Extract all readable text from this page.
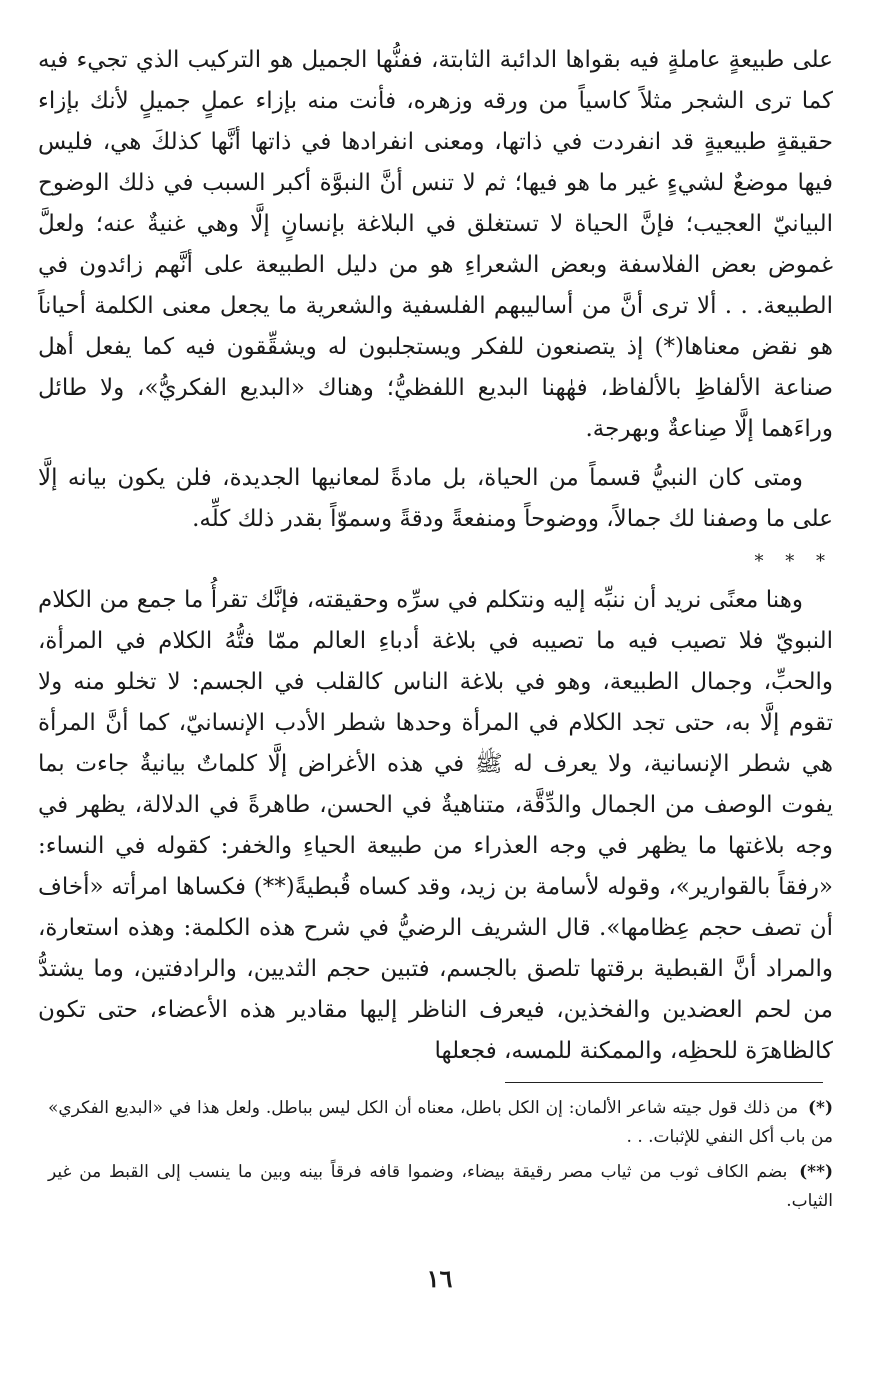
على طبيعةٍ عاملةٍ فيه بقواها الدائبة الثابتة، ففنُّها الجميل هو التركيب الذي تجيء فيه كما ترى الشجر مثلاً كاسياً من ورقه وزهره، فأنت منه بإزاء عملٍ جميلٍ لأنك بإزاء حقيقةٍ طبيعيةٍ قد انفردت في ذاتها، ومعنى انفرادها في ذاتها أنَّها كذلكَ هي، فليس فيها موضعٌ لشيءٍ غير ما هو فيها؛ ثم لا تنس أنَّ النبوَّة أكبر السبب في ذلك الوضوح البيانيّ العجيب؛ فإنَّ الحياة لا تستغلق في البلاغة بإنسانٍ إلَّا وهي غنيةٌ عنه؛ ولعلَّ غموض بعض الفلاسفة وبعض الشعراءِ هو من دليل الطبيعة على أنَّهم زائدون في الطبيعة. . . ألا ترى أنَّ من أساليبهم الفلسفية والشعرية ما يجعل معنى الكلمة أحياناً هو نقض معناها(*) إذ يتصنعون للفكر ويستجلبون له ويشقِّقون فيه كما يفعل أهل صناعة الألفاظِ بالألفاظ، فهٰهنا البديع اللفظيُّ؛ وهناك «البديع الفكريُّ»، ولا طائل وراءَهما إلَّا صِناعةٌ وبهرجة.

ومتى كان النبيُّ قسماً من الحياة، بل مادةً لمعانيها الجديدة، فلن يكون بيانه إلَّا على ما وصفنا لك جمالاً، ووضوحاً ومنفعةً ودقةً وسموّاً بقدر ذلك كلِّه.

* * *

وهنا معنًى نريد أن ننبِّه إليه ونتكلم في سرِّه وحقيقته، فإنَّك تقرأُ ما جمع من الكلام النبويّ فلا تصيب فيه ما تصيبه في بلاغة أدباءِ العالم ممّا فتُّهُ الكلام في المرأة، والحبِّ، وجمال الطبيعة، وهو في بلاغة الناس كالقلب في الجسم: لا تخلو منه ولا تقوم إلَّا به، حتى تجد الكلام في المرأة وحدها شطر الأدب الإنسانيّ، كما أنَّ المرأة هي شطر الإنسانية، ولا يعرف له ﷺ في هذه الأغراض إلَّا كلماتٌ بيانيةٌ جاءت بما يفوت الوصف من الجمال والدِّقَّة، متناهيةٌ في الحسن، طاهرةً في الدلالة، يظهر في وجه بلاغتها ما يظهر في وجه العذراء من طبيعة الحياءِ والخفر: كقوله في النساء: «رفقاً بالقوارير»، وقوله لأسامة بن زيد، وقد كساه قُبطيةً(**) فكساها امرأته «أخاف أن تصف حجم عِظامها». قال الشريف الرضيُّ في شرح هذه الكلمة: وهذه استعارة، والمراد أنَّ القبطية برقتها تلصق بالجسم، فتبين حجم الثديين، والرادفتين، وما يشتدُّ من لحم العضدين والفخذين، فيعرف الناظر إليها مقادير هذه الأعضاء، حتى تكون كالظاهرَة للحظِه، والممكنة للمسه، فجعلها

(*) من ذلك قول جيته شاعر الألمان: إن الكل باطل، معناه أن الكل ليس بباطل. ولعل هذا في «البديع الفكري» من باب أكل النفي للإثبات. . .

(**) بضم الكاف ثوب من ثياب مصر رقيقة بيضاء، وضموا قافه فرقاً بينه وبين ما ينسب إلى القبط من غير الثياب.

١٦
